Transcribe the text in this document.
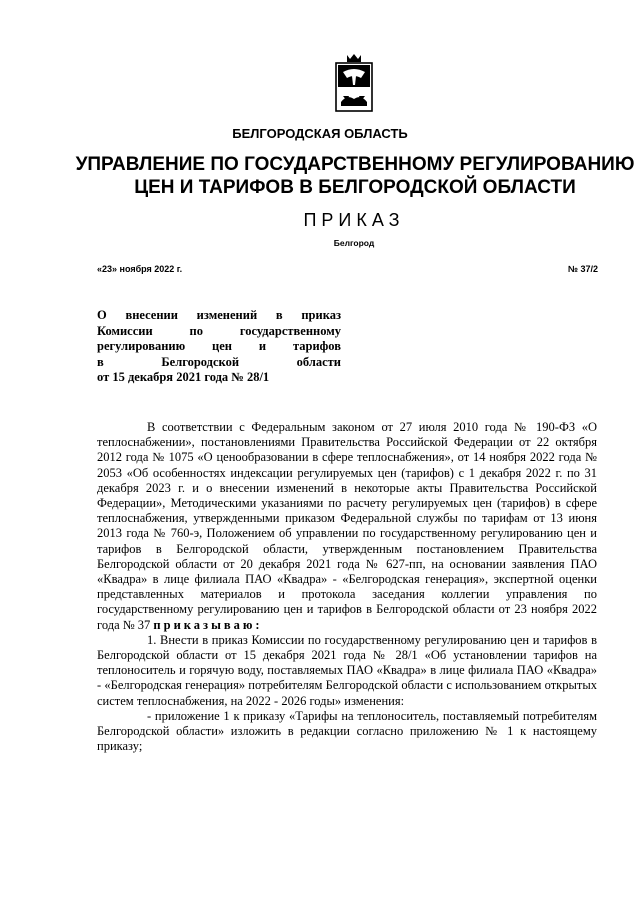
БЕЛГОРОДСКАЯ ОБЛАСТЬ
УПРАВЛЕНИЕ ПО ГОСУДАРСТВЕННОМУ РЕГУЛИРОВАНИЮ
ЦЕН И ТАРИФОВ В БЕЛГОРОДСКОЙ ОБЛАСТИ
ПРИКАЗ
Белгород
«23» ноября 2022 г.	№ 37/2
О внесении изменений в приказ
Комиссии по государственному
регулированию цен и тарифов
в Белгородской области
от 15 декабря 2021 года № 28/1

В соответствии с Федеральным законом от 27 июля 2010 года № 190-ФЗ «О теплоснабжении», постановлениями Правительства Российской Федерации от 22 октября 2012 года № 1075 «О ценообразовании в сфере теплоснабжения», от 14 ноября 2022 года № 2053 «Об особенностях индексации регулируемых цен (тарифов) с 1 декабря 2022 г. по 31 декабря 2023 г. и о внесении изменений в некоторые акты Правительства Российской Федерации», Методическими указаниями по расчету регулируемых цен (тарифов) в сфере теплоснабжения, утвержденными приказом Федеральной службы по тарифам от 13 июня 2013 года № 760-э, Положением об управлении по государственному регулированию цен и тарифов в Белгородской области, утвержденным постановлением Правительства Белгородской области от 20 декабря 2021 года № 627-пп, на основании заявления ПАО «Квадра» в лице филиала ПАО «Квадра» - «Белгородская генерация», экспертной оценки представленных материалов и протокола заседания коллегии управления по государственному регулированию цен и тарифов в Белгородской области от 23 ноября 2022 года № 37 приказываю:

1. Внести в приказ Комиссии по государственному регулированию цен и тарифов в Белгородской области от 15 декабря 2021 года № 28/1 «Об установлении тарифов на теплоноситель и горячую воду, поставляемых ПАО «Квадра» в лице филиала ПАО «Квадра» - «Белгородская генерация» потребителям Белгородской области с использованием открытых систем теплоснабжения, на 2022 - 2026 годы» изменения:

- приложение 1 к приказу «Тарифы на теплоноситель, поставляемый потребителям Белгородской области» изложить в редакции согласно приложению № 1 к настоящему приказу;
